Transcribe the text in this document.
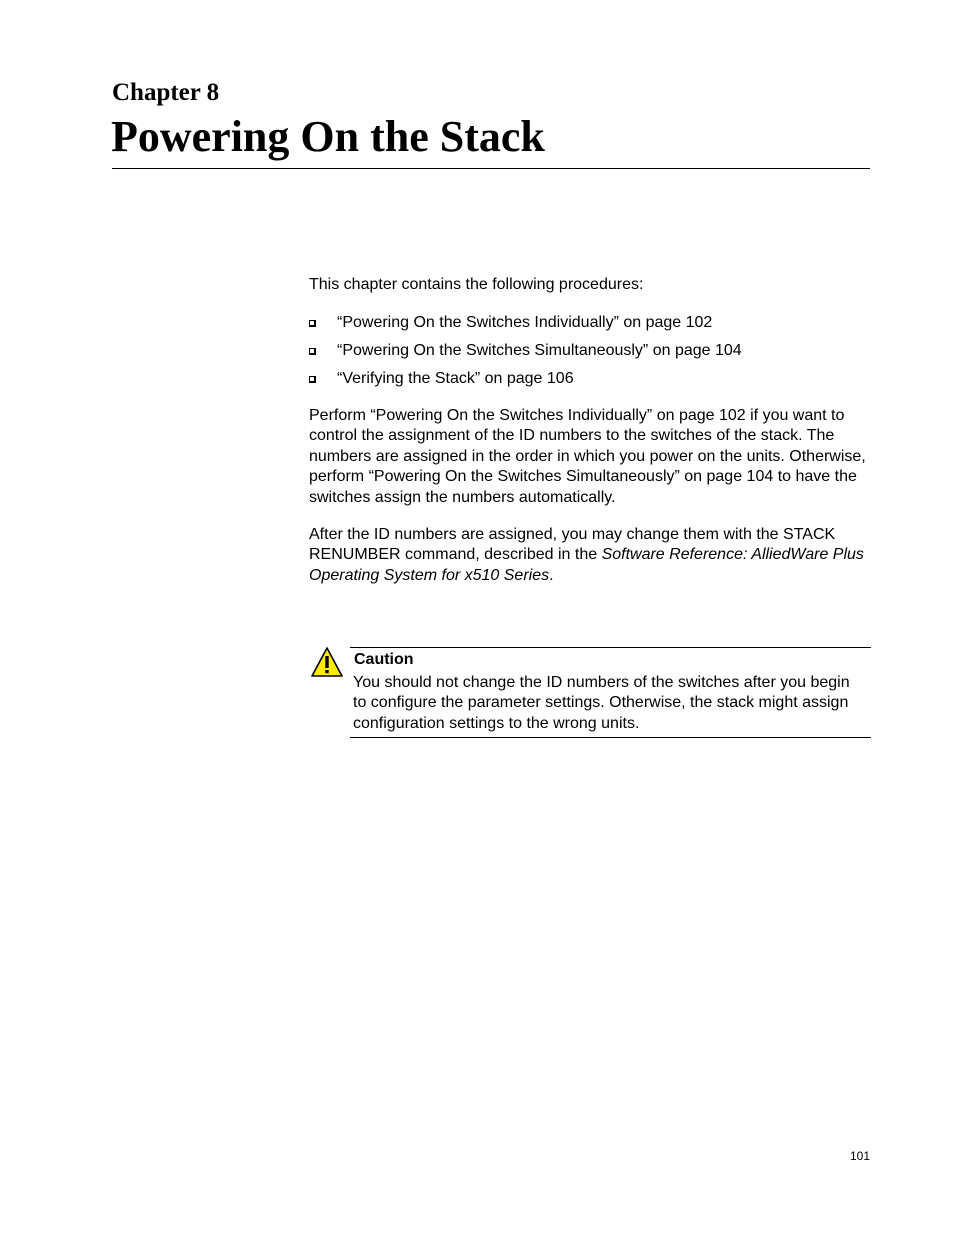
Chapter 8
Powering On the Stack
This chapter contains the following procedures:
“Powering On the Switches Individually” on page 102
“Powering On the Switches Simultaneously” on page 104
“Verifying the Stack” on page 106
Perform “Powering On the Switches Individually” on page 102 if you want to control the assignment of the ID numbers to the switches of the stack. The numbers are assigned in the order in which you power on the units. Otherwise, perform “Powering On the Switches Simultaneously” on page 104 to have the switches assign the numbers automatically.
After the ID numbers are assigned, you may change them with the STACK RENUMBER command, described in the Software Reference: AlliedWare Plus Operating System for x510 Series.
Caution
You should not change the ID numbers of the switches after you begin to configure the parameter settings. Otherwise, the stack might assign configuration settings to the wrong units.
101
